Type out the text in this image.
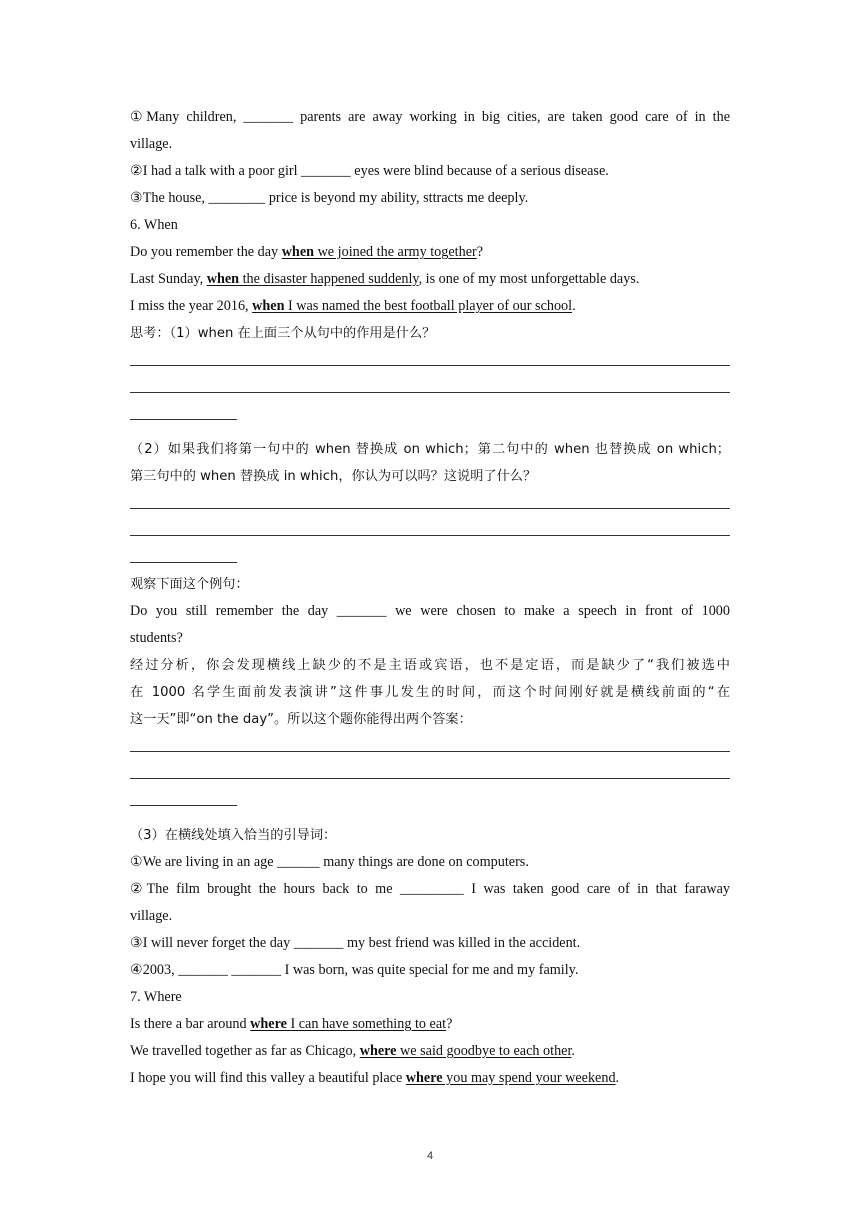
①Many children, _______ parents are away working in big cities, are taken good care of in the
village.
②I had a talk with a poor girl _______ eyes were blind because of a serious disease.
③The house, ________ price is beyond my ability, sttracts me deeply.
6. When
Do you remember the day when we joined the army together?
Last Sunday, when the disaster happened suddenly, is one of my most unforgettable days.
I miss the year 2016, when I was named the best football player of our school.
思考：（1）when 在上面三个从句中的作用是什么？
（2）如果我们将第一句中的 when 替换成 on which；第二句中的 when 也替换成 on which；
第三句中的 when 替换成 in which，你认为可以吗？这说明了什么？
观察下面这个例句：
Do you still remember the day _______ we were chosen to make a speech in front of 1000
students?
经过分析，你会发现横线上缺少的不是主语或宾语，也不是定语，而是缺少了“我们被选中
在 1000 名学生面前发表演讲”这件事儿发生的时间，而这个时间刚好就是横线前面的“在
这一天”即“on the day”。所以这个题你能得出两个答案：
（3）在横线处填入恰当的引导词：
①We are living in an age ______ many things are done on computers.
②The film brought the hours back to me _________ I was taken good care of in that faraway
village.
③I will never forget the day _______ my best friend was killed in the accident.
④2003, _______ _______ I was born, was quite special for me and my family.
7. Where
Is there a bar around where I can have something to eat?
We travelled together as far as Chicago, where we said goodbye to each other.
I hope you will find this valley a beautiful place where you may spend your weekend.
4
